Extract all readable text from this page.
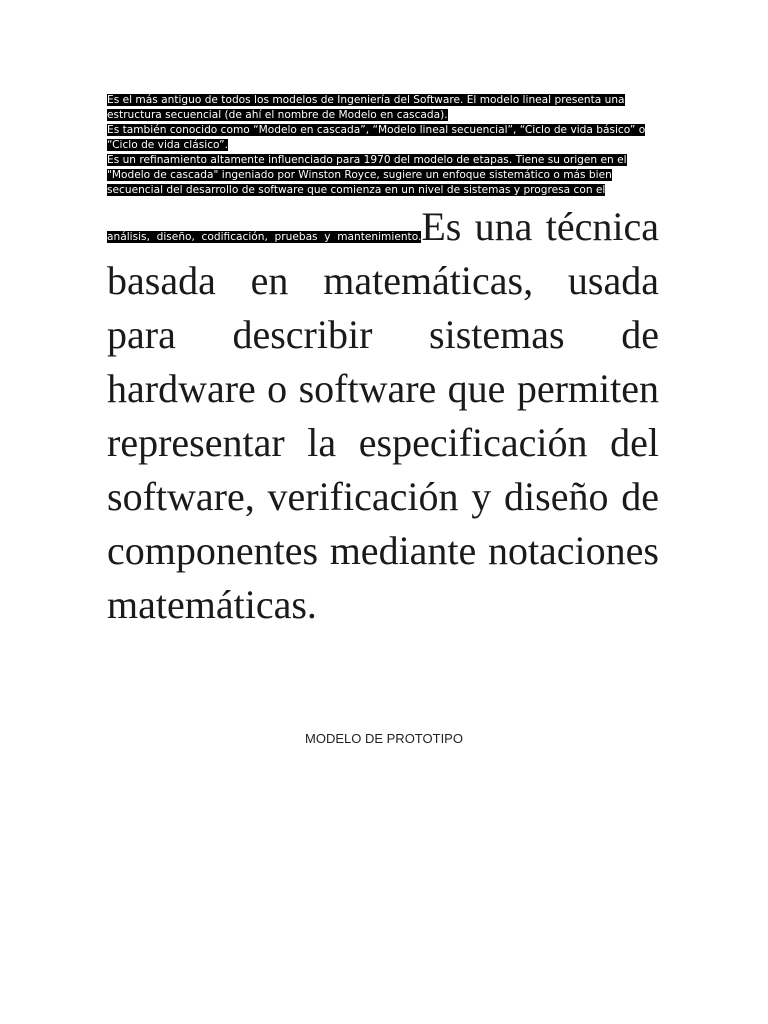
Es el más antiguo de todos los modelos de Ingeniería del Software. El modelo lineal presenta una estructura secuencial (de ahí el nombre de Modelo en cascada).

Es también conocido como “Modelo en cascada”, “Modelo lineal secuencial”, “Ciclo de vida básico” o “Ciclo de vida clásico”.

Es un refinamiento altamente influenciado para 1970 del modelo de etapas. Tiene su origen en el "Modelo de cascada" ingeniado por Winston Royce, sugiere un enfoque sistemático o más bien secuencial del desarrollo de software que comienza en un nivel de sistemas y progresa con el

análisis, diseño, codificación, pruebas y mantenimiento.Es una técnica basada en matemáticas, usada para describir sistemas de hardware o software que permiten representar la especificación del software, verificación y diseño de componentes mediante notaciones matemáticas.
MODELO DE PROTOTIPO
